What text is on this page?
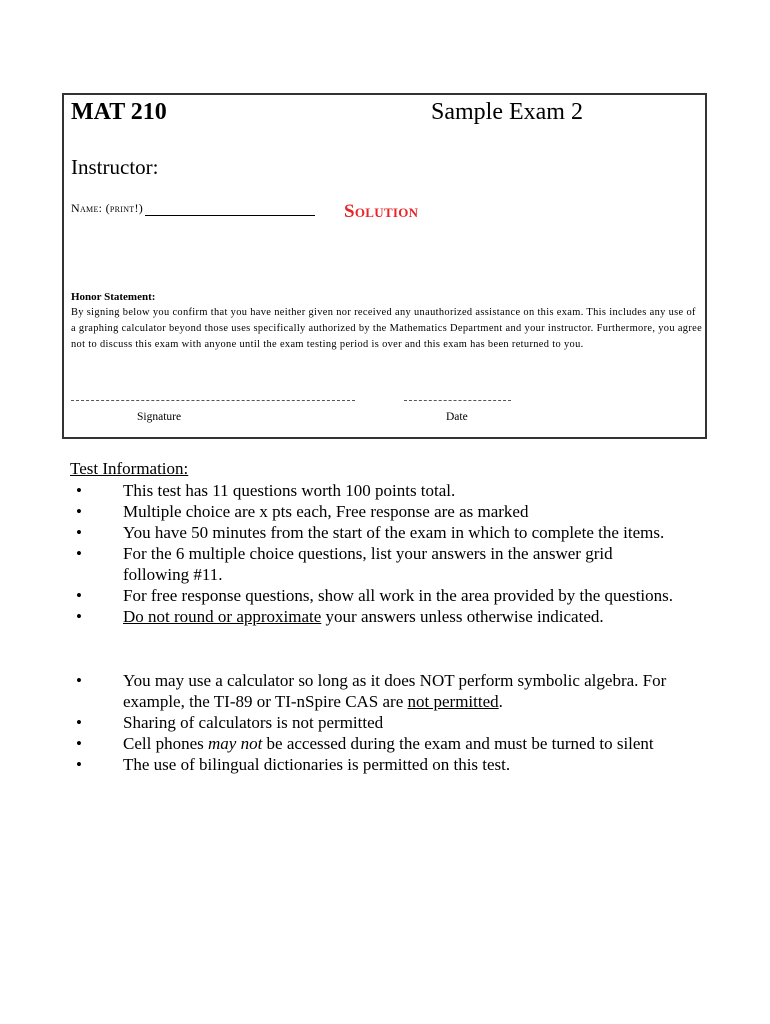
MAT 210	Sample Exam 2
Instructor:
Name: (print!)	Solution
Honor Statement:
By signing below you confirm that you have neither given nor received any unauthorized assistance on this exam. This includes any use of a graphing calculator beyond those uses specifically authorized by the Mathematics Department and your instructor. Furthermore, you agree not to discuss this exam with anyone until the exam testing period is over and this exam has been returned to you.
Signature	Date
Test Information:
• This test has 11 questions worth 100 points total.
• Multiple choice are x pts each, Free response are as marked
• You have 50 minutes from the start of the exam in which to complete the items.
• For the 6 multiple choice questions, list your answers in the answer grid following #11.
• For free response questions, show all work in the area provided by the questions.
• Do not round or approximate your answers unless otherwise indicated.
• You may use a calculator so long as it does NOT perform symbolic algebra. For example, the TI-89 or TI-nSpire CAS are not permitted.
• Sharing of calculators is not permitted
• Cell phones may not be accessed during the exam and must be turned to silent
• The use of bilingual dictionaries is permitted on this test.
